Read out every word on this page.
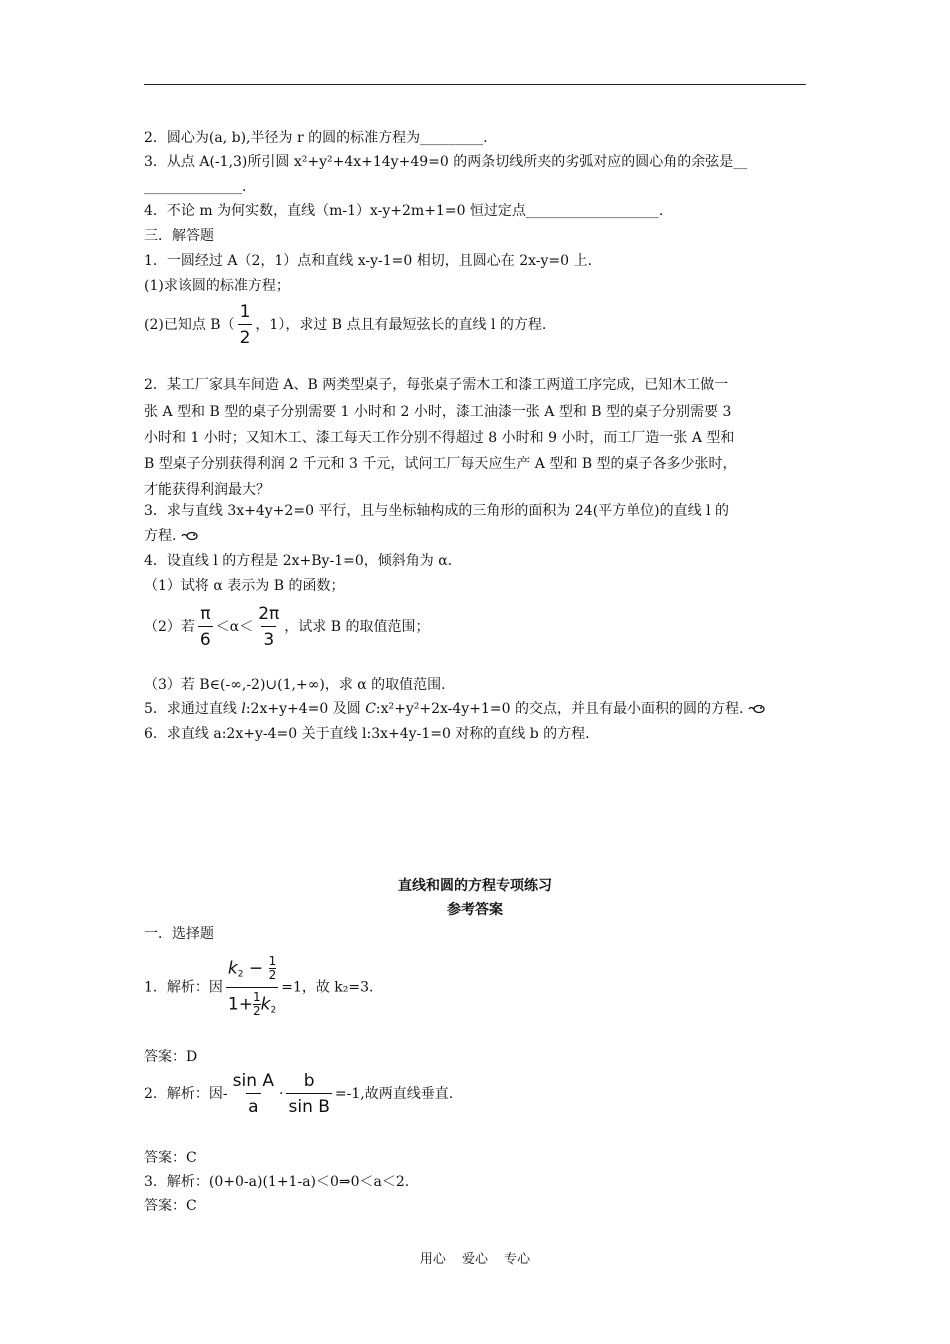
2．圆心为(a, b),半径为 r 的圆的标准方程为_________.
3．从点 A(-1,3)所引圆 x²+y²+4x+14y+49=0 的两条切线所夹的劣弧对应的圆心角的余弦是__
______________.
4．不论 m 为何实数，直线（m-1）x-y+2m+1=0 恒过定点___________________.
三．解答题
1．一圆经过 A（2，1）点和直线 x-y-1=0 相切，且圆心在 2x-y=0 上.
(1)求该圆的标准方程；
(2)已知点 $B( \frac{1}{2}$ ，1），求过 B 点且有最短弦长的直线 l 的方程.
2．某工厂家具车间造 A、B 两类型桌子，每张桌子需木工和漆工两道工序完成，已知木工做一
张 A 型和 B 型的桌子分别需要 1 小时和 2 小时，漆工油漆一张 A 型和 B 型的桌子分别需要 3
小时和 1 小时；又知木工、漆工每天工作分别不得超过 8 小时和 9 小时，而工厂造一张 A 型和
B 型桌子分别获得利润 2 千元和 3 千元，试问工厂每天应生产 A 型和 B 型的桌子各多少张时，
才能获得利润最大？
3．求与直线 3x+4y+2=0 平行，且与坐标轴构成的三角形的面积为 24(平方单位)的直线 l 的
方程.
4．设直线 l 的方程是 2x+By-1=0，倾斜角为 α.
（1）试将 α 表示为 B 的函数；
（2）若 $\frac{\pi}{6} <\alpha< \frac{2\pi}{3}$ ，试求 B 的取值范围；
（3）若 B∈(-∞,-2)∪(1,+∞)，求 α 的取值范围.
5．求通过直线 l:2x+y+4=0 及圆 C:x²+y²+2x-4y+1=0 的交点，并且有最小面积的圆的方程.
6．求直线 a:2x+y-4=0 关于直线 l:3x+4y-1=0 对称的直线 b 的方程.
直线和圆的方程专项练习
参考答案
一．选择题
1．解析：因 $\frac{k_2 - \frac{1}{2}}{1+ \frac{1}{2} k_2} =1$，故 k₂=3.
答案：D
2．解析：因- $\frac{\text{sin A}}{a} \cdot \frac{b}{\text{sin B}} =-1$,故两直线垂直.
答案：C
3．解析：(0+0-a)(1+1-a)＜0⇒0＜a＜2.
答案：C
用心 爱心 专心
